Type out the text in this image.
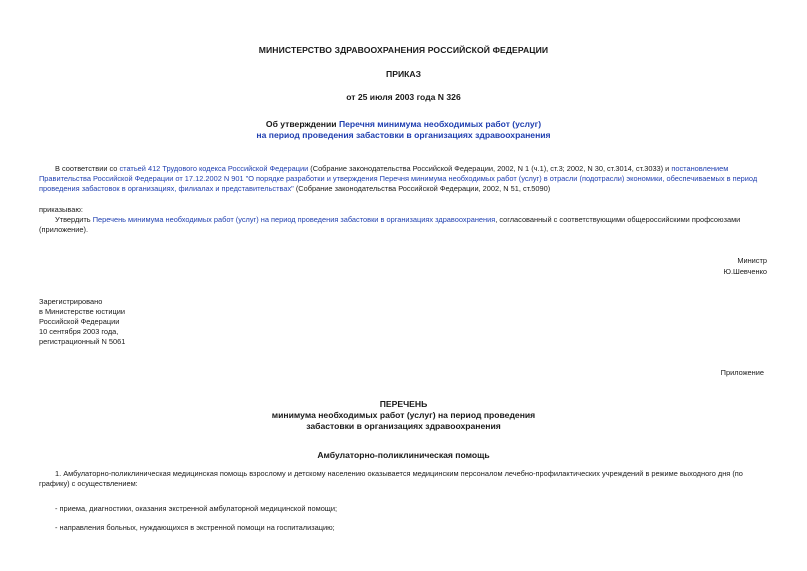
МИНИСТЕРСТВО ЗДРАВООХРАНЕНИЯ РОССИЙСКОЙ ФЕДЕРАЦИИ
ПРИКАЗ
от 25 июля 2003 года N 326
Об утверждении Перечня минимума необходимых работ (услуг)
на период проведения забастовки в организациях здравоохранения
В соответствии со статьей 412 Трудового кодекса Российской Федерации (Собрание законодательства Российской Федерации, 2002, N 1 (ч.1), ст.3; 2002, N 30, ст.3014, ст.3033) и постановлением Правительства Российской Федерации от 17.12.2002 N 901 "О порядке разработки и утверждения Перечня минимума необходимых работ (услуг) в отрасли (подотрасли) экономики, обеспечиваемых в период проведения забастовок в организациях, филиалах и представительствах" (Собрание законодательства Российской Федерации, 2002, N 51, ст.5090)
приказываю:
Утвердить Перечень минимума необходимых работ (услуг) на период проведения забастовки в организациях здравоохранения, согласованный с соответствующими общероссийскими профсоюзами (приложение).
Министр
Ю.Шевченко
Зарегистрировано
в Министерстве юстиции
Российской Федерации
10 сентября 2003 года,
регистрационный N 5061
Приложение
ПЕРЕЧЕНЬ
минимума необходимых работ (услуг) на период проведения
забастовки в организациях здравоохранения
Амбулаторно-поликлиническая помощь
1. Амбулаторно-поликлиническая медицинская помощь взрослому и детскому населению оказывается медицинским персоналом лечебно-профилактических учреждений в режиме выходного дня (по графику) с осуществлением:
- приема, диагностики, оказания экстренной амбулаторной медицинской помощи;
- направления больных, нуждающихся в экстренной помощи на госпитализацию;
